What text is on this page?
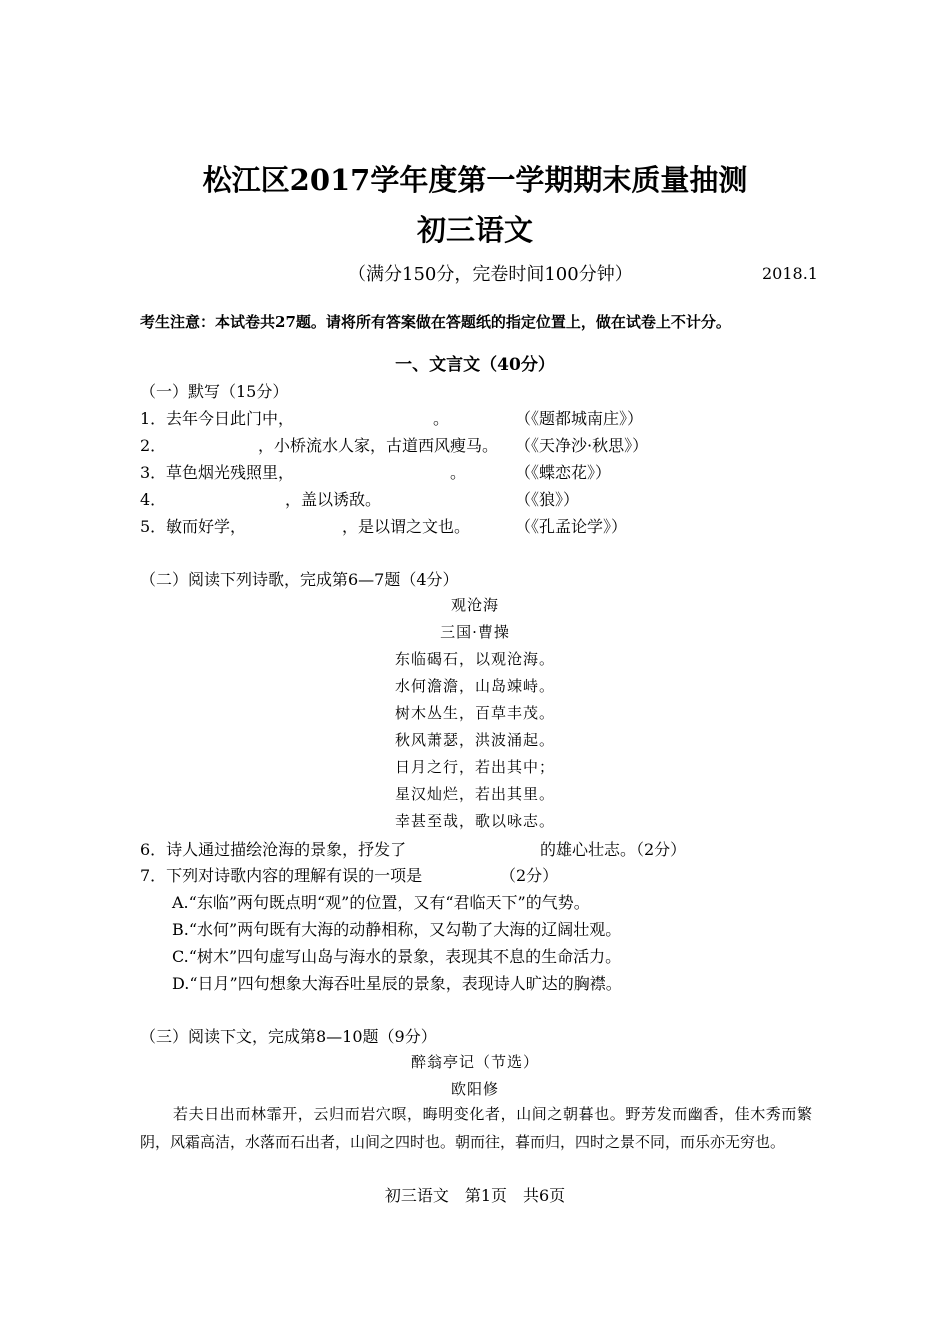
松江区2017学年度第一学期期末质量抽测
初三语文
（满分150分，完卷时间100分钟）	2018.1
考生注意：本试卷共27题。请将所有答案做在答题纸的指定位置上，做在试卷上不计分。
一、文言文（40分）
（一）默写（15分）
1． 去年今日此门中，	。	（《题都城南庄》）
2．	，小桥流水人家，古道西风瘦马。 （《天净沙·秋思》）
3． 草色烟光残照里，	。	（《蝶恋花》）
4．	，盖以诱敌。	（《狼》）
5． 敏而好学，	，是以谓之文也。	（《孔孟论学》）
（二）阅读下列诗歌，完成第6—7题（4分）
观沧海
三国·曹操
东临碣石，以观沧海。
水何澹澹，山岛竦峙。
树木丛生，百草丰茂。
秋风萧瑟，洪波涌起。
日月之行，若出其中；
星汉灿烂，若出其里。
幸甚至哉，歌以咏志。
6．诗人通过描绘沧海的景象，抒发了	的雄心壮志。（2分）
7．下列对诗歌内容的理解有误的一项是	（2分）
A.“东临”两句既点明“观”的位置，又有“君临天下”的气势。
B.“水何”两句既有大海的动静相称，又勾勒了大海的辽阔壮观。
C.“树木”四句虚写山岛与海水的景象，表现其不息的生命活力。
D.“日月”四句想象大海吞吐星辰的景象，表现诗人旷达的胸襟。
（三）阅读下文，完成第8—10题（9分）
醉翁亭记（节选）
欧阳修
若夫日出而林霏开，云归而岩穴暝，晦明变化者，山间之朝暮也。野芳发而幽香，佳木秀而繁阴，风霜高洁，水落而石出者，山间之四时也。朝而往，暮而归，四时之景不同，而乐亦无穷也。
初三语文　第1页　共6页
